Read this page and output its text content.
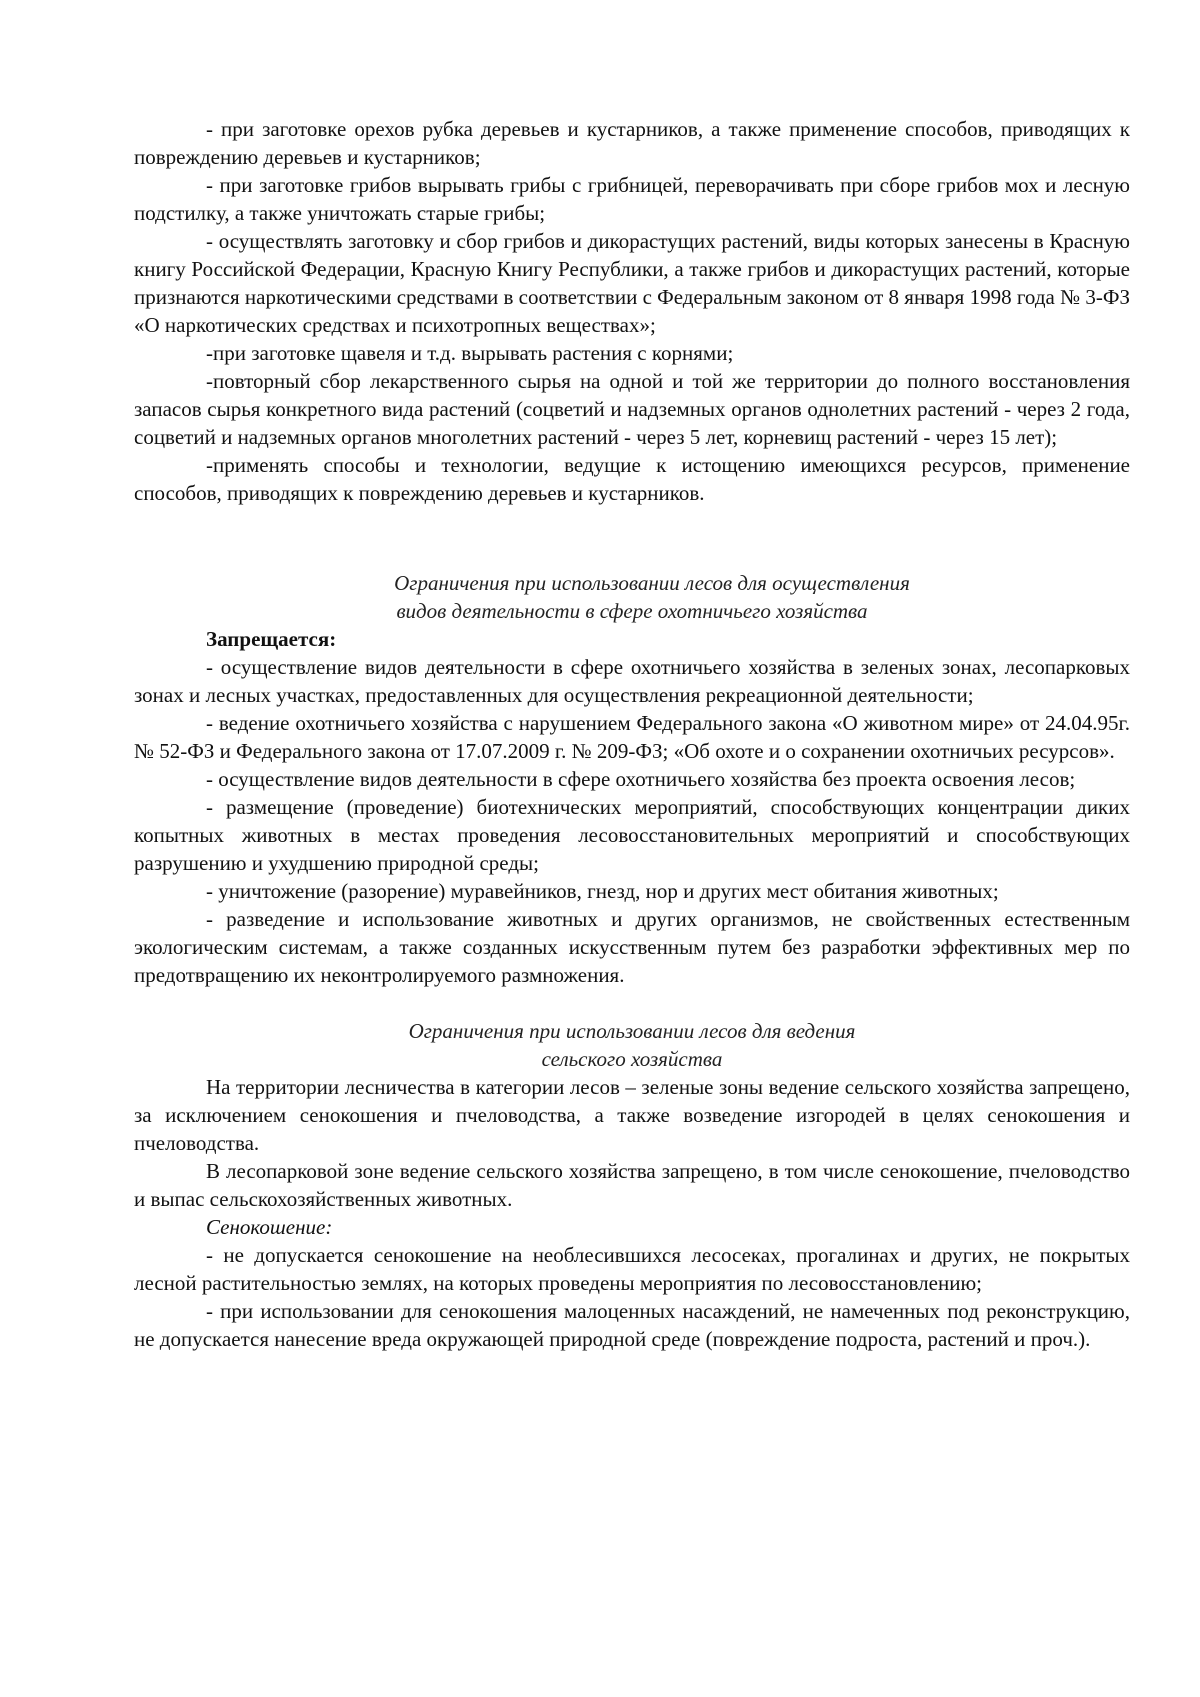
- при заготовке орехов рубка деревьев и кустарников, а также применение способов, приводящих к повреждению деревьев и кустарников;

- при заготовке грибов вырывать грибы с грибницей, переворачивать при сборе грибов мох и лесную подстилку, а также уничтожать старые грибы;

- осуществлять заготовку и сбор грибов и дикорастущих растений, виды которых занесены в Красную книгу Российской Федерации, Красную Книгу Республики, а также грибов и дикорастущих растений, которые признаются наркотическими средствами в соответствии с Федеральным законом от 8 января 1998 года № 3-ФЗ «О наркотических средствах и психотропных веществах»;

-при заготовке щавеля и т.д. вырывать растения с корнями;

-повторный сбор лекарственного сырья на одной и той же территории до полного восстановления запасов сырья конкретного вида растений (соцветий и надземных органов однолетних растений - через 2 года, соцветий и надземных органов многолетних растений - через 5 лет, корневищ растений - через 15 лет);

-применять способы и технологии, ведущие к истощению имеющихся ресурсов, применение способов, приводящих к повреждению деревьев и кустарников.

Ограничения при использовании лесов для осуществления
видов деятельности в сфере охотничьего хозяйства
Запрещается:

- осуществление видов деятельности в сфере охотничьего хозяйства в зеленых зонах, лесопарковых зонах и лесных участках, предоставленных для осуществления рекреационной деятельности;

- ведение охотничьего хозяйства с нарушением Федерального закона «О животном мире» от 24.04.95г. № 52-ФЗ и Федерального закона от 17.07.2009 г. № 209-ФЗ; «Об охоте и о сохранении охотничьих ресурсов».

- осуществление видов деятельности в сфере охотничьего хозяйства без проекта освоения лесов;

- размещение (проведение) биотехнических мероприятий, способствующих концентрации диких копытных животных в местах проведения лесовосстановительных мероприятий и способствующих разрушению и ухудшению природной среды;

- уничтожение (разорение) муравейников, гнезд, нор и других мест обитания животных;

- разведение и использование животных и других организмов, не свойственных естественным экологическим системам, а также созданных искусственным путем без разработки эффективных мер по предотвращению их неконтролируемого размножения.

Ограничения при использовании лесов для ведения
сельского хозяйства

На территории лесничества в категории лесов – зеленые зоны ведение сельского хозяйства запрещено, за исключением сенокошения и пчеловодства, а также возведение изгородей в целях сенокошения и пчеловодства.

В лесопарковой зоне ведение сельского хозяйства запрещено, в том числе сенокошение, пчеловодство и выпас сельскохозяйственных животных.

Сенокошение:

- не допускается сенокошение на необлесившихся лесосеках, прогалинах и других, не покрытых лесной растительностью землях, на которых проведены мероприятия по лесовосстановлению;

- при использовании для сенокошения малоценных насаждений, не намеченных под реконструкцию, не допускается нанесение вреда окружающей природной среде (повреждение подроста, растений и проч.).
